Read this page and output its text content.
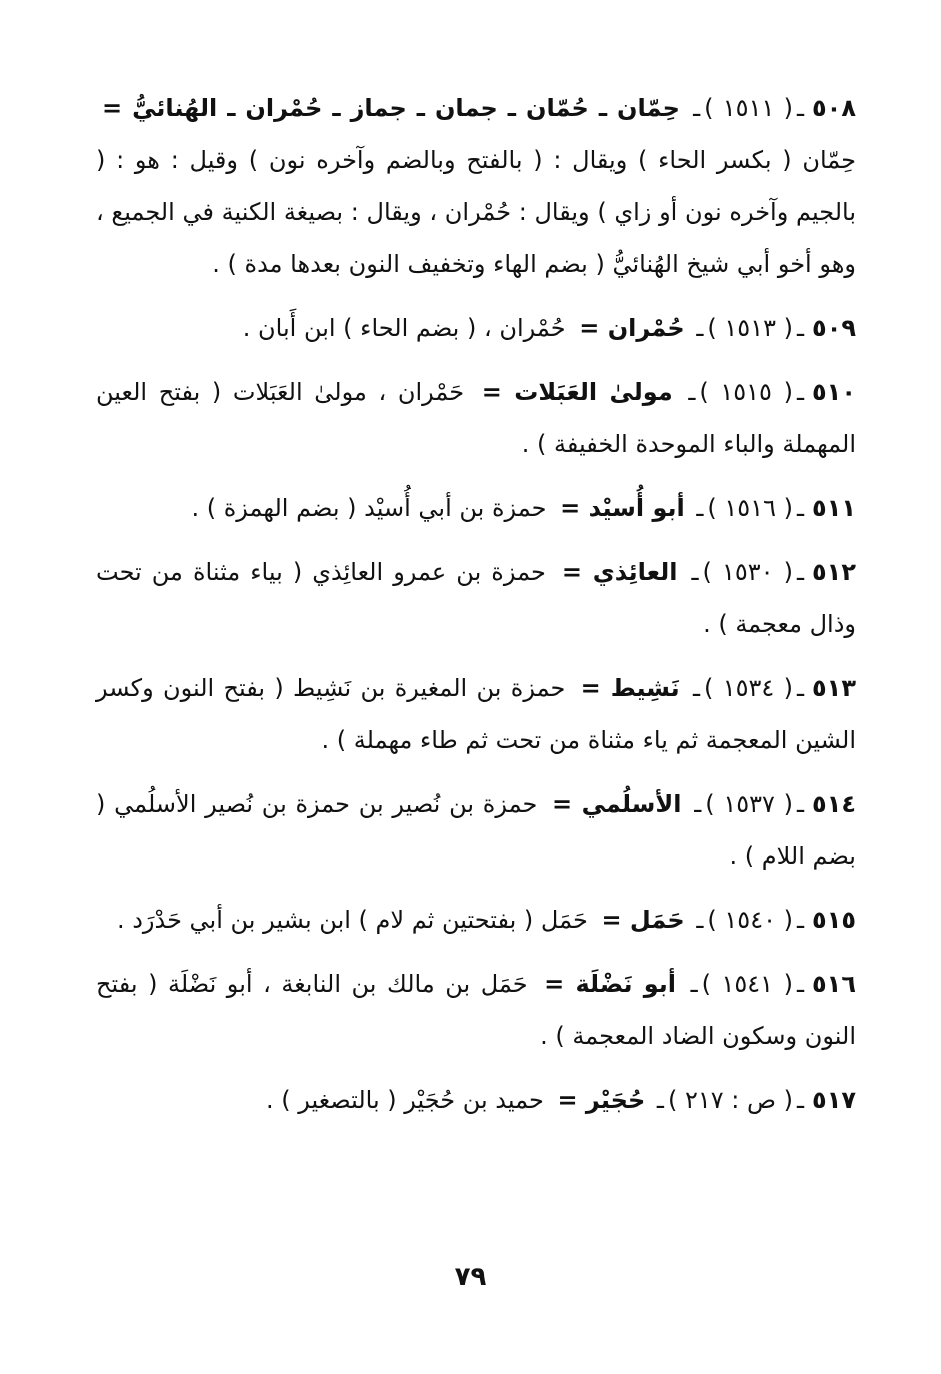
٥٠٨ـ( ١٥١١ )ـ حِمّان ـ حُمّان ـ جمان ـ جماز ـ حُمْران ـ الهُنائيُّ = حِمّان ( بكسر الحاء ) ويقال : ( بالفتح وبالضم وآخره نون ) وقيل : هو : ( بالجيم وآخره نون أو زاي ) ويقال : حُمْران ، ويقال : بصيغة الكنية في الجميع ، وهو أخو أبي شيخ الهُنائيُّ ( بضم الهاء وتخفيف النون بعدها مدة ) .

٥٠٩ـ( ١٥١٣ )ـ حُمْران = حُمْران ، ( بضم الحاء ) ابن أَبان .

٥١٠ـ( ١٥١٥ )ـ مولىٰ العَبَلات = حَمْران ، مولىٰ العَبَلات ( بفتح العين المهملة والباء الموحدة الخفيفة ) .

٥١١ـ( ١٥١٦ )ـ أبو أُسيْد = حمزة بن أبي أُسيْد ( بضم الهمزة ) .

٥١٢ـ( ١٥٣٠ )ـ العائِذي = حمزة بن عمرو العائِذي ( بياء مثناة من تحت وذال معجمة ) .

٥١٣ـ( ١٥٣٤ )ـ نَشِيط = حمزة بن المغيرة بن نَشِيط ( بفتح النون وكسر الشين المعجمة ثم ياء مثناة من تحت ثم طاء مهملة ) .

٥١٤ـ( ١٥٣٧ )ـ الأسلُمي = حمزة بن نُصير بن حمزة بن نُصير الأسلُمي ( بضم اللام ) .

٥١٥ـ( ١٥٤٠ )ـ حَمَل = حَمَل ( بفتحتين ثم لام ) ابن بشير بن أبي حَدْرَد .

٥١٦ـ( ١٥٤١ )ـ أبو نَضْلَة = حَمَل بن مالك بن النابغة ، أبو نَضْلَة ( بفتح النون وسكون الضاد المعجمة ) .

٥١٧ـ( ص : ٢١٧ )ـ حُجَيْر = حميد بن حُجَيْر ( بالتصغير ) .

٧٩
